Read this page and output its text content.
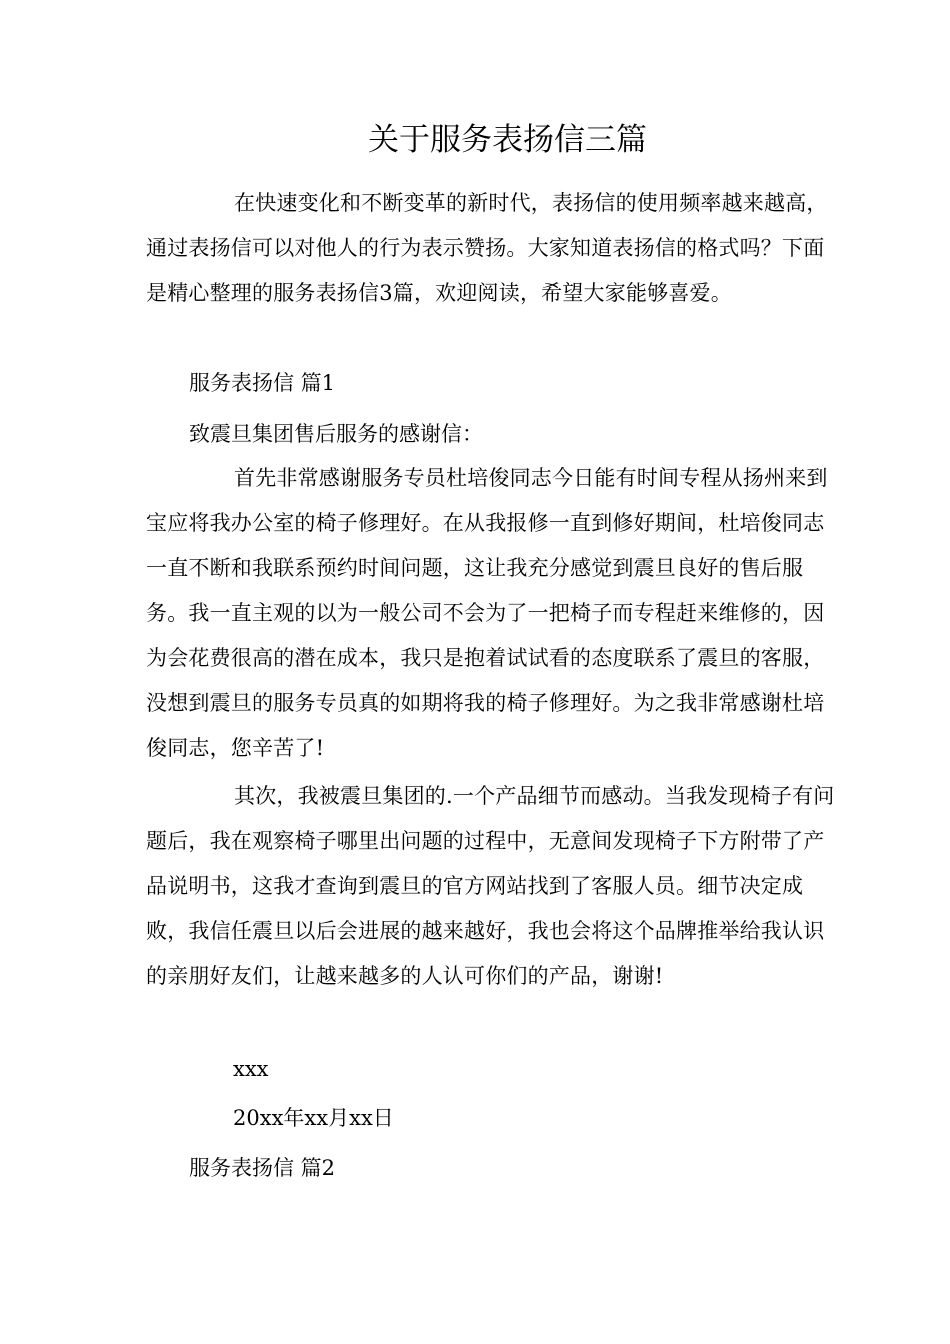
关于服务表扬信三篇

在快速变化和不断变革的新时代，表扬信的使用频率越来越高，通过表扬信可以对他人的行为表示赞扬。大家知道表扬信的格式吗？下面是精心整理的服务表扬信3篇，欢迎阅读，希望大家能够喜爱。

服务表扬信 篇1

致震旦集团售后服务的感谢信：

首先非常感谢服务专员杜培俊同志今日能有时间专程从扬州来到宝应将我办公室的椅子修理好。在从我报修一直到修好期间，杜培俊同志一直不断和我联系预约时间问题，这让我充分感觉到震旦良好的售后服务。我一直主观的以为一般公司不会为了一把椅子而专程赶来维修的，因为会花费很高的潜在成本，我只是抱着试试看的态度联系了震旦的客服，没想到震旦的服务专员真的如期将我的椅子修理好。为之我非常感谢杜培俊同志，您辛苦了!

其次，我被震旦集团的.一个产品细节而感动。当我发现椅子有问题后，我在观察椅子哪里出问题的过程中，无意间发现椅子下方附带了产品说明书，这我才查询到震旦的官方网站找到了客服人员。细节决定成败，我信任震旦以后会进展的越来越好，我也会将这个品牌推举给我认识的亲朋好友们，让越来越多的人认可你们的产品，谢谢!

xxx

20xx年xx月xx日

服务表扬信 篇2
